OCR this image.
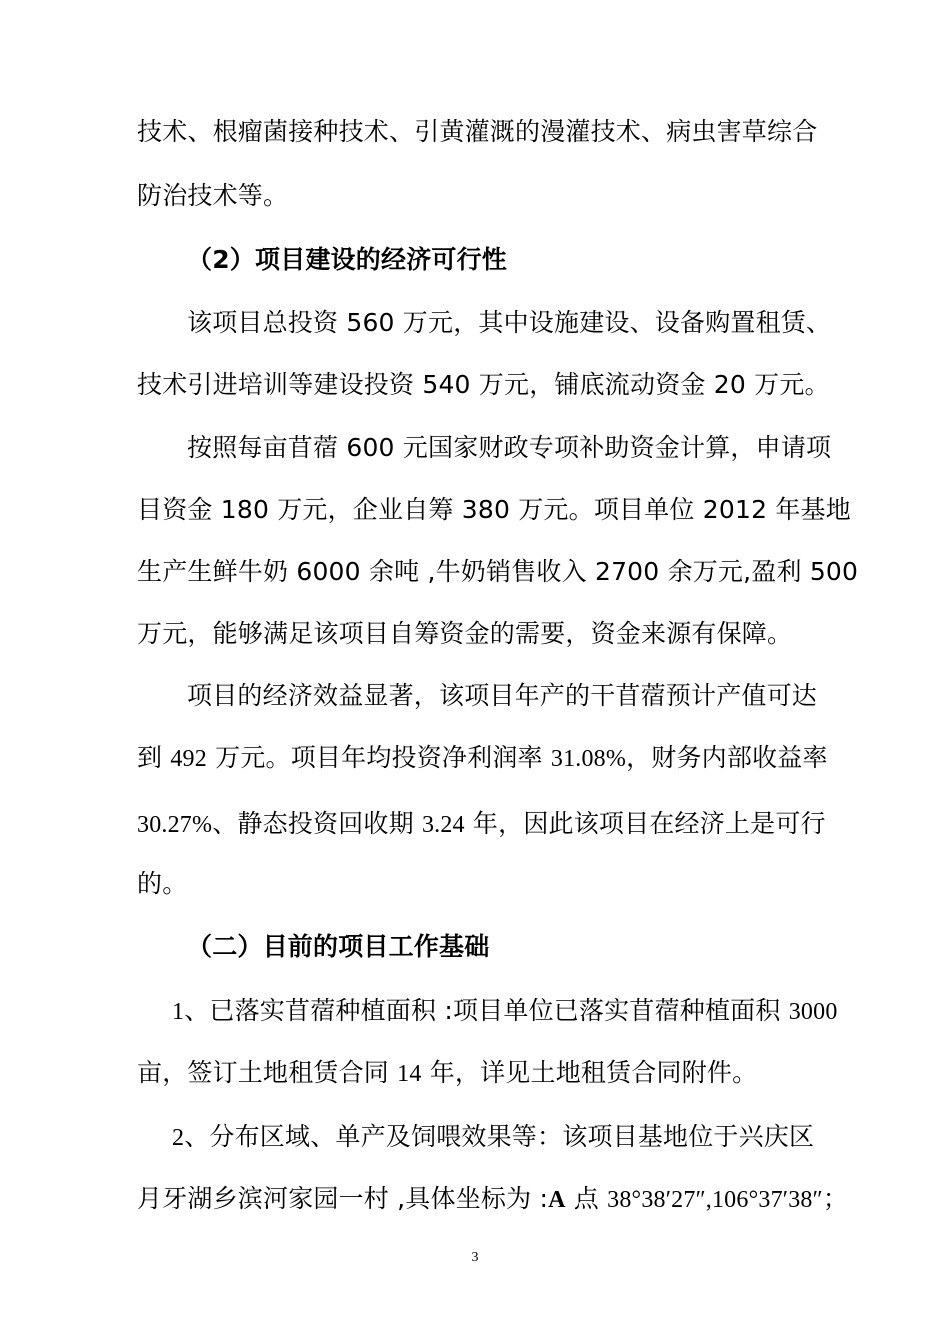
技术、根瘤菌接种技术、引黄灌溉的漫灌技术、病虫害草综合
防治技术等。
（2）项目建设的经济可行性
该项目总投资 560 万元，其中设施建设、设备购置租赁、
技术引进培训等建设投资 540 万元，铺底流动资金 20 万元。
按照每亩苜蓿 600 元国家财政专项补助资金计算，申请项
目资金 180 万元，企业自筹 380 万元。项目单位 2012 年基地
生产生鲜牛奶 6000 余吨 ,牛奶销售收入 2700 余万元,盈利 500
万元，能够满足该项目自筹资金的需要，资金来源有保障。
项目的经济效益显著，该项目年产的干苜蓿预计产值可达
到 492 万元。项目年均投资净利润率 31.08%，财务内部收益率
30.27%、静态投资回收期 3.24 年，因此该项目在经济上是可行
的。
（二）目前的项目工作基础
1、已落实苜蓿种植面积 :项目单位已落实苜蓿种植面积 3000
亩，签订土地租赁合同 14 年，详见土地租赁合同附件。
2、分布区域、单产及饲喂效果等：该项目基地位于兴庆区
月牙湖乡滨河家园一村 ,具体坐标为 :A 点 38°38′27″,106°37′38″；
3
